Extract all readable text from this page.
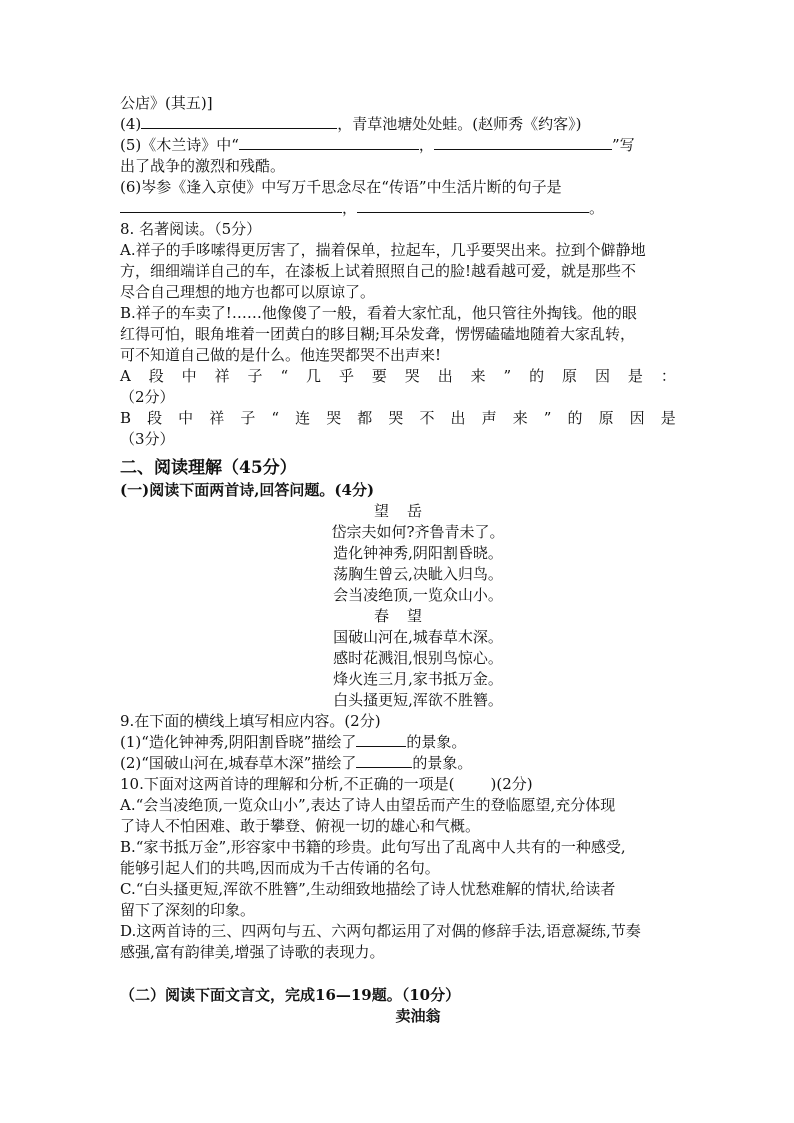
公店》(其五)]
(4)	，青草池塘处处蛙。(赵师秀《约客》)
(5)《木兰诗》中“	，	”写
出了战争的激烈和残酷。
(6)岑参《逢入京使》中写万千思念尽在“传语”中生活片断的句子是
，	。
8. 名著阅读。（5分）
A.祥子的手哆嗦得更厉害了，揣着保单，拉起车，几乎要哭出来。拉到个僻静地
方，细细端详自己的车，在漆板上试着照照自己的脸!越看越可爱，就是那些不
尽合自己理想的地方也都可以原谅了。
B.祥子的车卖了!……他像傻了一般，看着大家忙乱，他只管往外掏钱。他的眼
红得可怕，眼角堆着一团黄白的眵目糊;耳朵发聋，愣愣磕磕地随着大家乱转，
可不知道自己做的是什么。他连哭都哭不出声来!
A 段 中 祥 子 “ 几 乎 要 哭 出 来 ” 的 原 因 是 ：
（2分）
B 段 中 祥 子 “ 连 哭 都 哭 不 出 声 来 ” 的 原 因 是
（3分）
二、阅读理解（45分）
(一)阅读下面两首诗,回答问题。(4分)
望岳
岱宗夫如何?齐鲁青未了。
造化钟神秀,阴阳割昏晓。
荡胸生曾云,决眦入归鸟。
会当凌绝顶,一览众山小。
春望
国破山河在,城春草木深。
感时花溅泪,恨别鸟惊心。
烽火连三月,家书抵万金。
白头搔更短,浑欲不胜簪。
9.在下面的横线上填写相应内容。(2分)
(1)“造化钟神秀,阴阳割昏晓”描绘了	的景象。
(2)“国破山河在,城春草木深”描绘了	的景象。
10.下面对这两首诗的理解和分析,不正确的一项是( )(2分)
A.“会当凌绝顶,一览众山小”,表达了诗人由望岳而产生的登临愿望,充分体现
了诗人不怕困难、敢于攀登、俯视一切的雄心和气概。
B.“家书抵万金”,形容家中书籍的珍贵。此句写出了乱离中人共有的一种感受,
能够引起人们的共鸣,因而成为千古传诵的名句。
C.“白头搔更短,浑欲不胜簪”,生动细致地描绘了诗人忧愁难解的情状,给读者
留下了深刻的印象。
D.这两首诗的三、四两句与五、六两句都运用了对偶的修辞手法,语意凝练,节奏
感强,富有韵律美,增强了诗歌的表现力。
（二）阅读下面文言文，完成16—19题。（10分）
卖油翁
